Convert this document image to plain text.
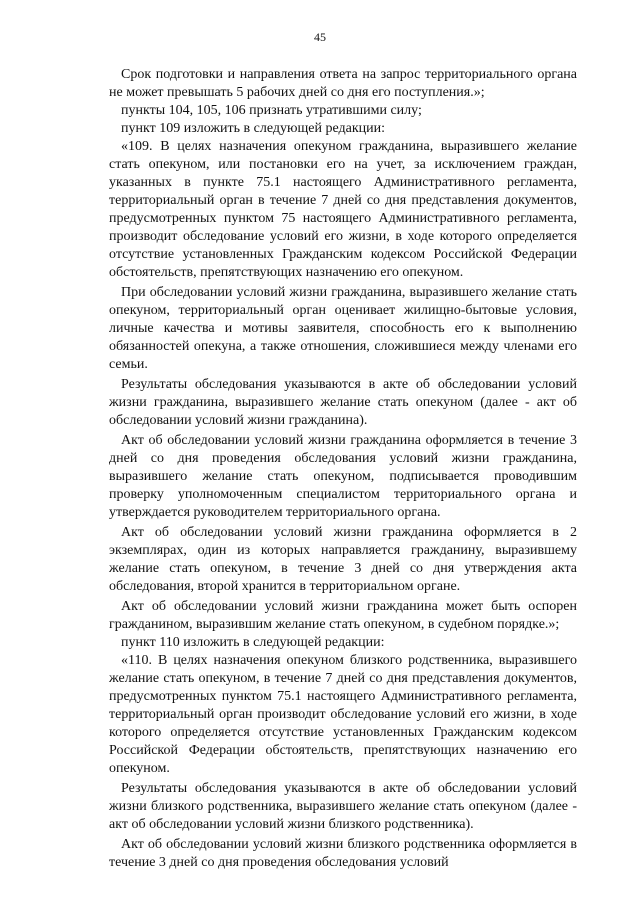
45

Срок подготовки и направления ответа на запрос территориального органа не может превышать 5 рабочих дней со дня его поступления.»;

пункты 104, 105, 106 признать утратившими силу;

пункт 109 изложить в следующей редакции:

«109. В целях назначения опекуном гражданина, выразившего желание стать опекуном, или постановки его на учет, за исключением граждан, указанных в пункте 75.1 настоящего Административного регламента, территориальный орган в течение 7 дней со дня представления документов, предусмотренных пунктом 75 настоящего Административного регламента, производит обследование условий его жизни, в ходе которого определяется отсутствие установленных Гражданским кодексом Российской Федерации обстоятельств, препятствующих назначению его опекуном.

При обследовании условий жизни гражданина, выразившего желание стать опекуном, территориальный орган оценивает жилищно-бытовые условия, личные качества и мотивы заявителя, способность его к выполнению обязанностей опекуна, а также отношения, сложившиеся между членами его семьи.

Результаты обследования указываются в акте об обследовании условий жизни гражданина, выразившего желание стать опекуном (далее - акт об обследовании условий жизни гражданина).

Акт об обследовании условий жизни гражданина оформляется в течение 3 дней со дня проведения обследования условий жизни гражданина, выразившего желание стать опекуном, подписывается проводившим проверку уполномоченным специалистом территориального органа и утверждается руководителем территориального органа.

Акт об обследовании условий жизни гражданина оформляется в 2 экземплярах, один из которых направляется гражданину, выразившему желание стать опекуном, в течение 3 дней со дня утверждения акта обследования, второй хранится в территориальном органе.

Акт об обследовании условий жизни гражданина может быть оспорен гражданином, выразившим желание стать опекуном, в судебном порядке.»;

пункт 110 изложить в следующей редакции:

«110. В целях назначения опекуном близкого родственника, выразившего желание стать опекуном, в течение 7 дней со дня представления документов, предусмотренных пунктом 75.1 настоящего Административного регламента, территориальный орган производит обследование условий его жизни, в ходе которого определяется отсутствие установленных Гражданским кодексом Российской Федерации обстоятельств, препятствующих назначению его опекуном.

Результаты обследования указываются в акте об обследовании условий жизни близкого родственника, выразившего желание стать опекуном (далее - акт об обследовании условий жизни близкого родственника).

Акт об обследовании условий жизни близкого родственника оформляется в течение 3 дней со дня проведения обследования условий
